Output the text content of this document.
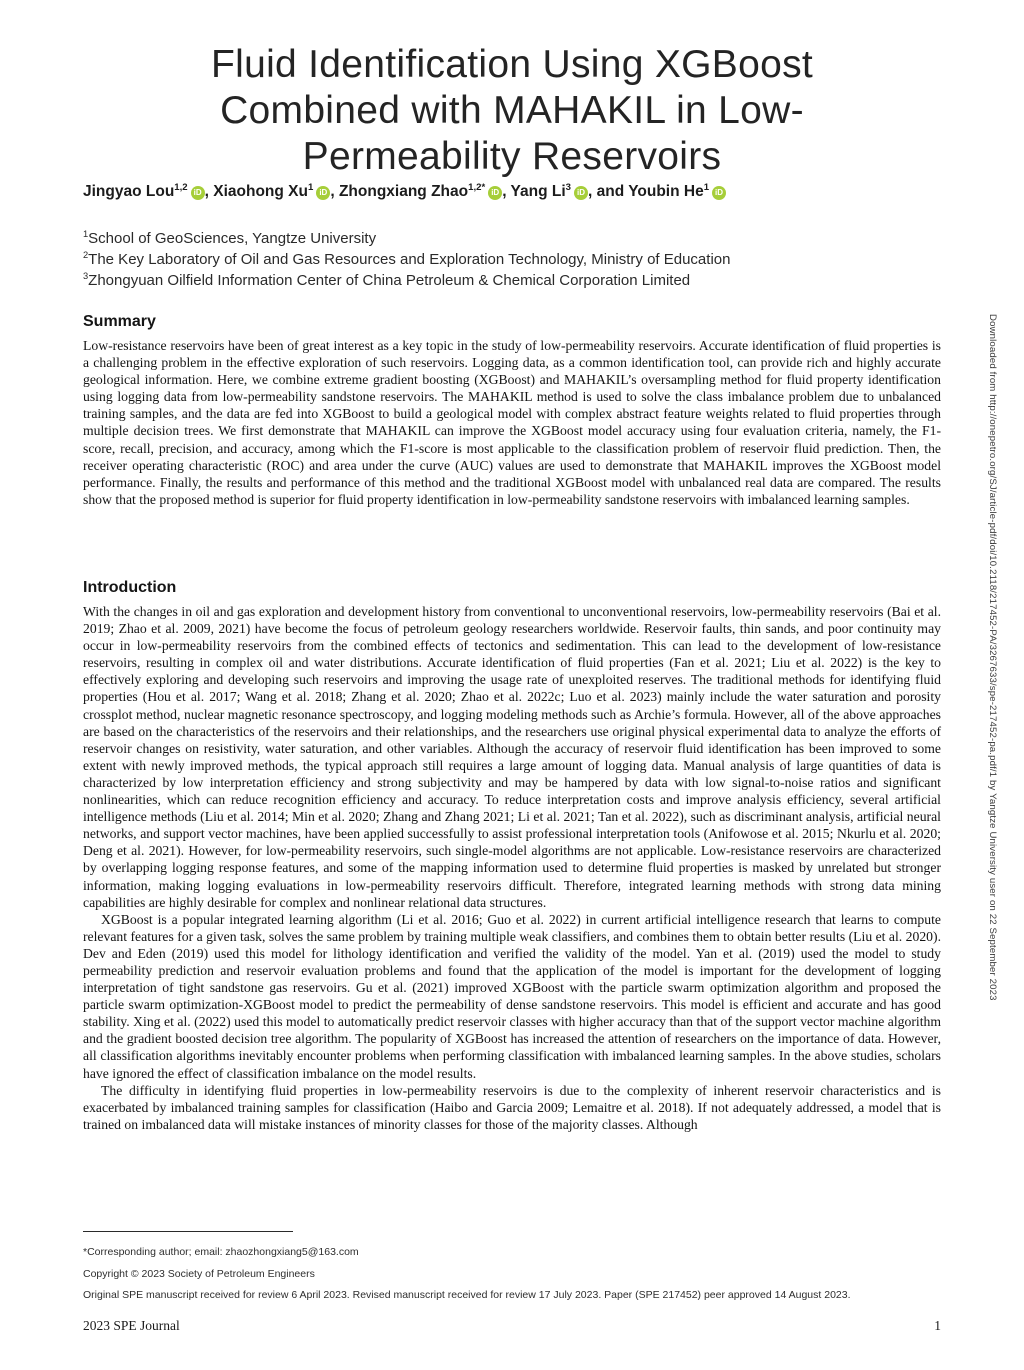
Fluid Identification Using XGBoost
Combined with MAHAKIL in Low-
Permeability Reservoirs
Jingyao Lou$^{1,2}$ iD , Xiaohong Xu$^1$ iD , Zhongxiang Zhao$^{1,2*}$ iD , Yang Li$^3$ iD , and Youbin He$^1$ iD
$^1$School of GeoSciences, Yangtze University
$^2$The Key Laboratory of Oil and Gas Resources and Exploration Technology, Ministry of Education
$^3$Zhongyuan Oilfield Information Center of China Petroleum & Chemical Corporation Limited
Summary
Low-resistance reservoirs have been of great interest as a key topic in the study of low-permeability reservoirs. Accurate identification of fluid properties is a challenging problem in the effective exploration of such reservoirs. Logging data, as a common identification tool, can provide rich and highly accurate geological information. Here, we combine extreme gradient boosting (XGBoost) and MAHAKIL’s oversampling method for fluid property identification using logging data from low-permeability sandstone reservoirs. The MAHAKIL method is used to solve the class imbalance problem due to unbalanced training samples, and the data are fed into XGBoost to build a geological model with complex abstract feature weights related to fluid properties through multiple decision trees. We first demonstrate that MAHAKIL can improve the XGBoost model accuracy using four evaluation criteria, namely, the F1-score, recall, precision, and accuracy, among which the F1-score is most applicable to the classification problem of reservoir fluid prediction. Then, the receiver operating characteristic (ROC) and area under the curve (AUC) values are used to demonstrate that MAHAKIL improves the XGBoost model performance. Finally, the results and performance of this method and the traditional XGBoost model with unbalanced real data are compared. The results show that the proposed method is superior for fluid property identification in low-permeability sandstone reservoirs with imbalanced learning samples.
Introduction

With the changes in oil and gas exploration and development history from conventional to unconventional reservoirs, low-permeability reservoirs (Bai et al. 2019; Zhao et al. 2009, 2021) have become the focus of petroleum geology researchers worldwide. Reservoir faults, thin sands, and poor continuity may occur in low-permeability reservoirs from the combined effects of tectonics and sedimentation. This can lead to the development of low-resistance reservoirs, resulting in complex oil and water distributions. Accurate identification of fluid properties (Fan et al. 2021; Liu et al. 2022) is the key to effectively exploring and developing such reservoirs and improving the usage rate of unexploited reserves. The traditional methods for identifying fluid properties (Hou et al. 2017; Wang et al. 2018; Zhang et al. 2020; Zhao et al. 2022c; Luo et al. 2023) mainly include the water saturation and porosity crossplot method, nuclear magnetic resonance spectroscopy, and logging modeling methods such as Archie’s formula. However, all of the above approaches are based on the characteristics of the reservoirs and their relationships, and the researchers use original physical experimental data to analyze the efforts of reservoir changes on resistivity, water saturation, and other variables. Although the accuracy of reservoir fluid identification has been improved to some extent with newly improved methods, the typical approach still requires a large amount of logging data. Manual analysis of large quantities of data is characterized by low interpretation efficiency and strong subjectivity and may be hampered by data with low signal-to-noise ratios and significant nonlinearities, which can reduce recognition efficiency and accuracy. To reduce interpretation costs and improve analysis efficiency, several artificial intelligence methods (Liu et al. 2014; Min et al. 2020; Zhang and Zhang 2021; Li et al. 2021; Tan et al. 2022), such as discriminant analysis, artificial neural networks, and support vector machines, have been applied successfully to assist professional interpretation tools (Anifowose et al. 2015; Nkurlu et al. 2020; Deng et al. 2021). However, for low-permeability reservoirs, such single-model algorithms are not applicable. Low-resistance reservoirs are characterized by overlapping logging response features, and some of the mapping information used to determine fluid properties is masked by unrelated but stronger information, making logging evaluations in low-permeability reservoirs difficult. Therefore, integrated learning methods with strong data mining capabilities are highly desirable for complex and nonlinear relational data structures.

XGBoost is a popular integrated learning algorithm (Li et al. 2016; Guo et al. 2022) in current artificial intelligence research that learns to compute relevant features for a given task, solves the same problem by training multiple weak classifiers, and combines them to obtain better results (Liu et al. 2020). Dev and Eden (2019) used this model for lithology identification and verified the validity of the model. Yan et al. (2019) used the model to study permeability prediction and reservoir evaluation problems and found that the application of the model is important for the development of logging interpretation of tight sandstone gas reservoirs. Gu et al. (2021) improved XGBoost with the particle swarm optimization algorithm and proposed the particle swarm optimization-XGBoost model to predict the permeability of dense sandstone reservoirs. This model is efficient and accurate and has good stability. Xing et al. (2022) used this model to automatically predict reservoir classes with higher accuracy than that of the support vector machine algorithm and the gradient boosted decision tree algorithm. The popularity of XGBoost has increased the attention of researchers on the importance of data. However, all classification algorithms inevitably encounter problems when performing classification with imbalanced learning samples. In the above studies, scholars have ignored the effect of classification imbalance on the model results.

The difficulty in identifying fluid properties in low-permeability reservoirs is due to the complexity of inherent reservoir characteristics and is exacerbated by imbalanced training samples for classification (Haibo and Garcia 2009; Lemaitre et al. 2018). If not adequately addressed, a model that is trained on imbalanced data will mistake instances of minority classes for those of the majority classes. Although

*Corresponding author; email: zhaozhongxiang5@163.com
Copyright © 2023 Society of Petroleum Engineers
Original SPE manuscript received for review 6 April 2023. Revised manuscript received for review 17 July 2023. Paper (SPE 217452) peer approved 14 August 2023.
2023 SPE Journal	1
Downloaded from http://onepetro.org/SJ/article-pdf/doi/10.2118/217452-PA/3267633/spe-217452-pa.pdf/1 by Yangtze University user on 22 September 2023
